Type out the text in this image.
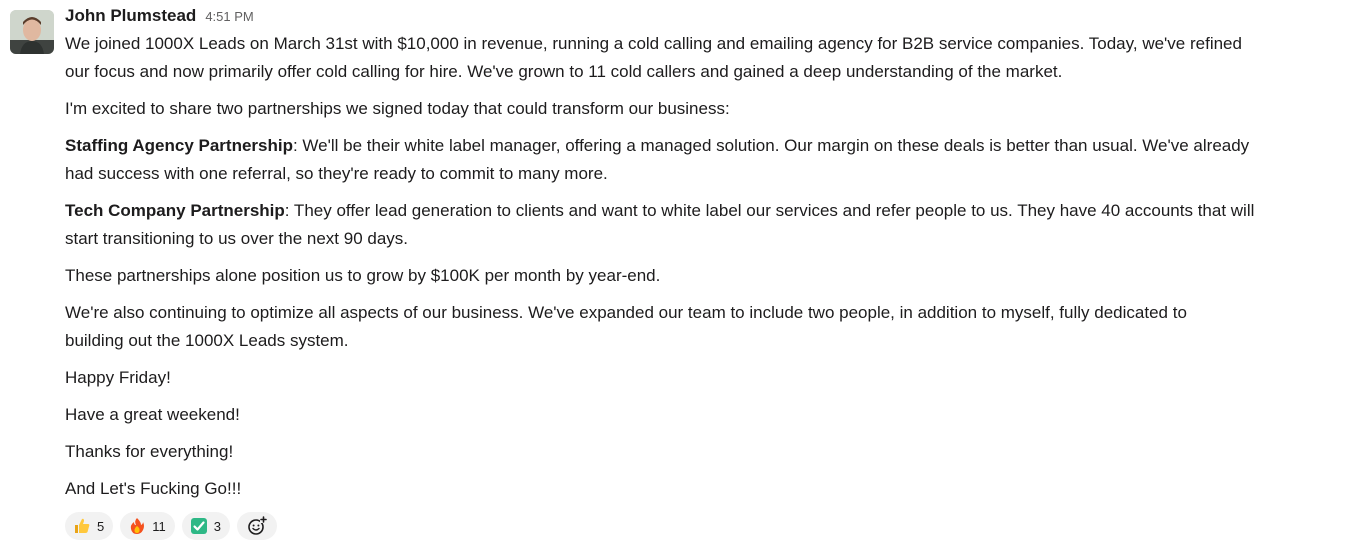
John Plumstead 4:51 PM

We joined 1000X Leads on March 31st with $10,000 in revenue, running a cold calling and emailing agency for B2B service companies. Today, we've refined
our focus and now primarily offer cold calling for hire. We've grown to 11 cold callers and gained a deep understanding of the market.

I'm excited to share two partnerships we signed today that could transform our business:

Staffing Agency Partnership: We'll be their white label manager, offering a managed solution. Our margin on these deals is better than usual. We've already
had success with one referral, so they're ready to commit to many more.

Tech Company Partnership: They offer lead generation to clients and want to white label our services and refer people to us. They have 40 accounts that will
start transitioning to us over the next 90 days.

These partnerships alone position us to grow by $100K per month by year-end.

We're also continuing to optimize all aspects of our business. We've expanded our team to include two people, in addition to myself, fully dedicated to
building out the 1000X Leads system.

Happy Friday!

Have a great weekend!

Thanks for everything!

And Let's Fucking Go!!!

5	11	3
